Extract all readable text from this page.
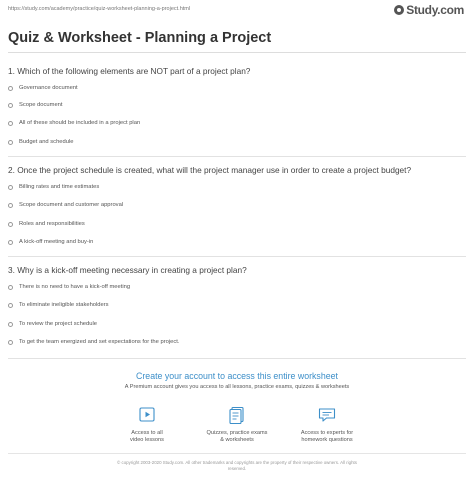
https://study.com/academy/practice/quiz-worksheet-planning-a-project.html	Study.com
Quiz & Worksheet - Planning a Project
1. Which of the following elements are NOT part of a project plan?
Governance document
Scope document
All of these should be included in a project plan
Budget and schedule
2. Once the project schedule is created, what will the project manager use in order to create a project budget?
Billing rates and time estimates
Scope document and customer approval
Roles and responsibilities
A kick-off meeting and buy-in
3. Why is a kick-off meeting necessary in creating a project plan?
There is no need to have a kick-off meeting
To eliminate ineligible stakeholders
To review the project schedule
To get the team energized and set expectations for the project.
Create your account to access this entire worksheet
A Premium account gives you access to all lessons, practice exams, quizzes & worksheets
Access to all
video lessons
Quizzes, practice exams
& worksheets
Access to experts for
homework questions
© copyright 2003-2020 Study.com. All other trademarks and copyrights are the property of their respective owners. All rights
reserved.
